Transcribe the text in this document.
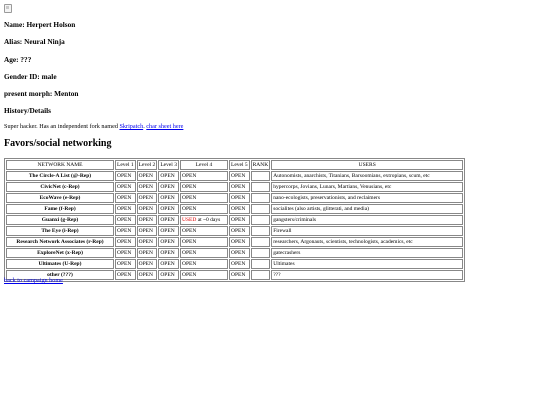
Name: Herpert Holson

Alias: Neural Ninja

Age: ???

Gender ID: male

present morph: Menton

History/Details

Super hacker. Has an independent fork named Skripatch. char sheet here
Favors/social networking
NETWORK NAME	Level 1	Level 2	Level 3	Level 4	Level 5	RANK	USERS
The Circle-A List (@-Rep)	OPEN	OPEN	OPEN	OPEN	OPEN		Autonomists, anarchists, Titanians, Barsoomians, extropians, scum, etc
CivicNet (c-Rep)	OPEN	OPEN	OPEN	OPEN	OPEN		hypercorps, Jovians, Lunars, Martians, Venusians, etc
EcoWave (e-Rep)	OPEN	OPEN	OPEN	OPEN	OPEN		nano-ecologists, preservationists, and reclaimers
Fame (f-Rep)	OPEN	OPEN	OPEN	OPEN	OPEN		socialites (also artists, glitterati, and media)
Guanxi (g-Rep)	OPEN	OPEN	OPEN	USED at ~0 days	OPEN		gangsters/criminals
The Eye (i-Rep)	OPEN	OPEN	OPEN	OPEN	OPEN		Firewall
Research Network Associates (r-Rep)	OPEN	OPEN	OPEN	OPEN	OPEN		researchers, Argonauts, scientists, technologists, academics, etc
ExploreNet (x-Rep)	OPEN	OPEN	OPEN	OPEN	OPEN		gatecrashers
Ultimates (U-Rep)	OPEN	OPEN	OPEN	OPEN	OPEN		Ultimates
other (???)	OPEN	OPEN	OPEN	OPEN	OPEN		???
back to campaign home
